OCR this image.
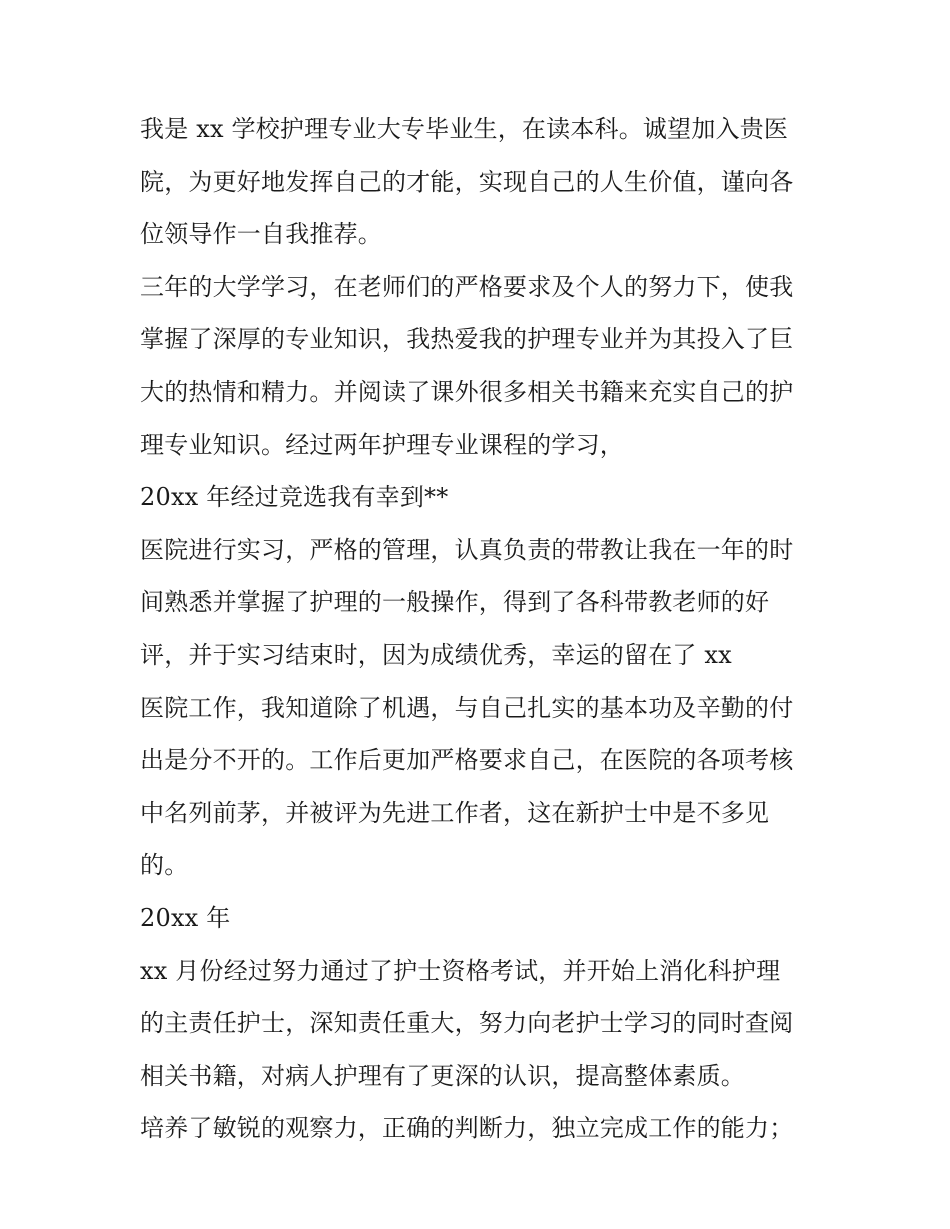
我是 xx 学校护理专业大专毕业生，在读本科。诚望加入贵医
院，为更好地发挥自己的才能，实现自己的人生价值，谨向各
位领导作一自我推荐。
三年的大学学习，在老师们的严格要求及个人的努力下，使我
掌握了深厚的专业知识，我热爱我的护理专业并为其投入了巨
大的热情和精力。并阅读了课外很多相关书籍来充实自己的护
理专业知识。经过两年护理专业课程的学习，
20xx 年经过竞选我有幸到**
医院进行实习，严格的管理，认真负责的带教让我在一年的时
间熟悉并掌握了护理的一般操作，得到了各科带教老师的好
评，并于实习结束时，因为成绩优秀，幸运的留在了 xx
医院工作，我知道除了机遇，与自己扎实的基本功及辛勤的付
出是分不开的。工作后更加严格要求自己，在医院的各项考核
中名列前茅，并被评为先进工作者，这在新护士中是不多见
的。
20xx 年
xx 月份经过努力通过了护士资格考试，并开始上消化科护理
的主责任护士，深知责任重大，努力向老护士学习的同时查阅
相关书籍，对病人护理有了更深的认识，提高整体素质。
培养了敏锐的观察力，正确的判断力，独立完成工作的能力；
